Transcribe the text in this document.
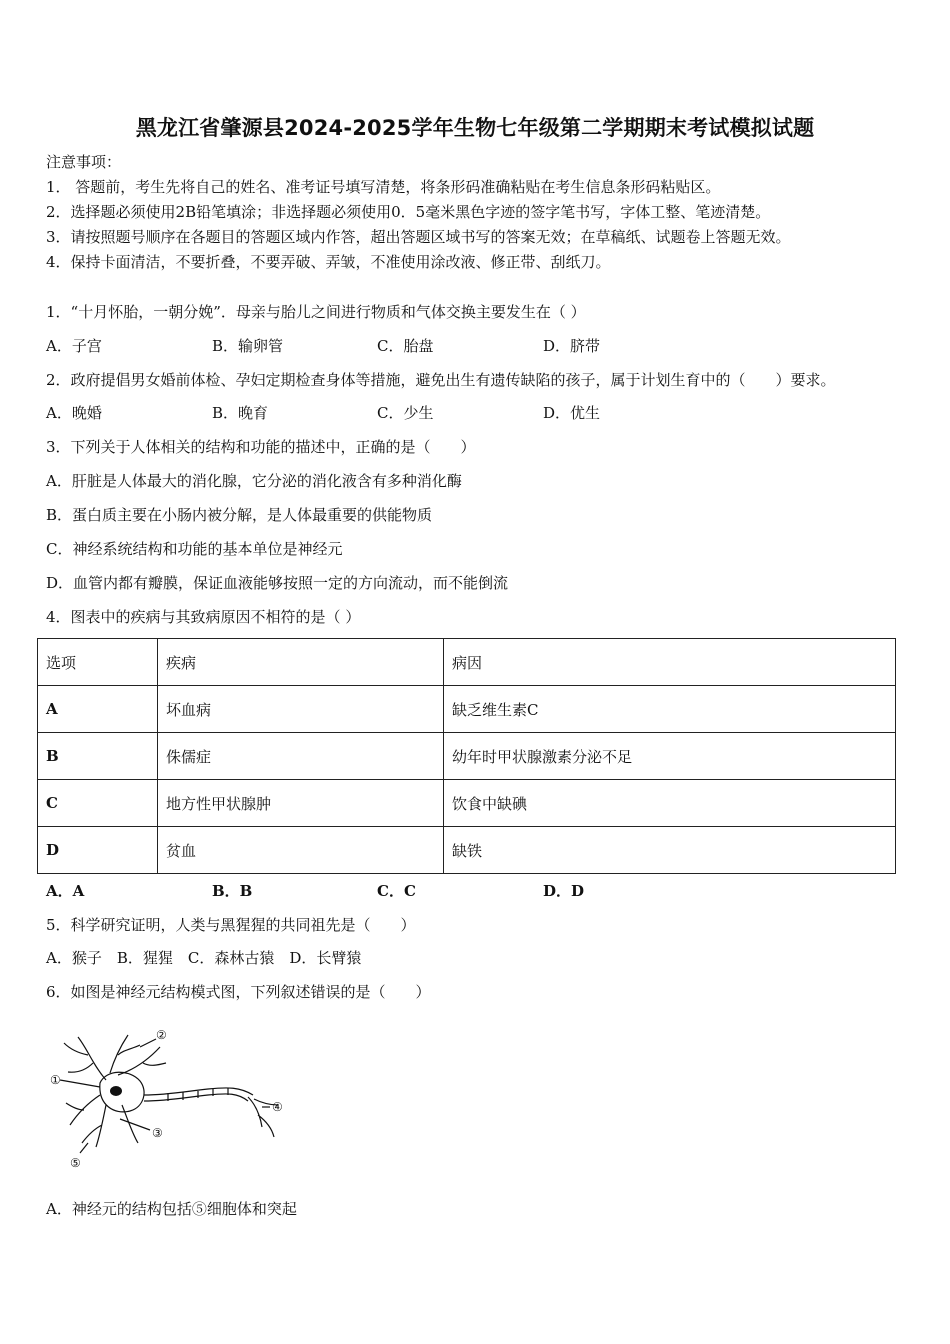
黑龙江省肇源县2024-2025学年生物七年级第二学期期末考试模拟试题
注意事项：
1． 答题前，考生先将自己的姓名、准考证号填写清楚，将条形码准确粘贴在考生信息条形码粘贴区。
2．选择题必须使用2B铅笔填涂；非选择题必须使用0．5毫米黑色字迹的签字笔书写，字体工整、笔迹清楚。
3．请按照题号顺序在各题目的答题区域内作答，超出答题区域书写的答案无效；在草稿纸、试题卷上答题无效。
4．保持卡面清洁，不要折叠，不要弄破、弄皱，不准使用涂改液、修正带、刮纸刀。
1．“十月怀胎，一朝分娩”．母亲与胎儿之间进行物质和气体交换主要发生在（ ）
A．子宫	B．输卵管	C．胎盘	D．脐带
2．政府提倡男女婚前体检、孕妇定期检查身体等措施，避免出生有遗传缺陷的孩子，属于计划生育中的（　　）要求。
A．晚婚	B．晚育	C．少生	D．优生
3．下列关于人体相关的结构和功能的描述中，正确的是（　　）
A．肝脏是人体最大的消化腺，它分泌的消化液含有多种消化酶
B．蛋白质主要在小肠内被分解，是人体最重要的供能物质
C．神经系统结构和功能的基本单位是神经元
D．血管内都有瓣膜，保证血液能够按照一定的方向流动，而不能倒流
4．图表中的疾病与其致病原因不相符的是（ ）
选项	疾病	病因
A	坏血病	缺乏维生素C
B	侏儒症	幼年时甲状腺激素分泌不足
C	地方性甲状腺肿	饮食中缺碘
D	贫血	缺铁
A．A	B．B	C．C	D．D
5．科学研究证明，人类与黑猩猩的共同祖先是（　　）
A．猴子　B．猩猩　C．森林古猿　D．长臂猿
6．如图是神经元结构模式图，下列叙述错误的是（　　）
①
②
③
④
⑤
A．神经元的结构包括⑤细胞体和突起
